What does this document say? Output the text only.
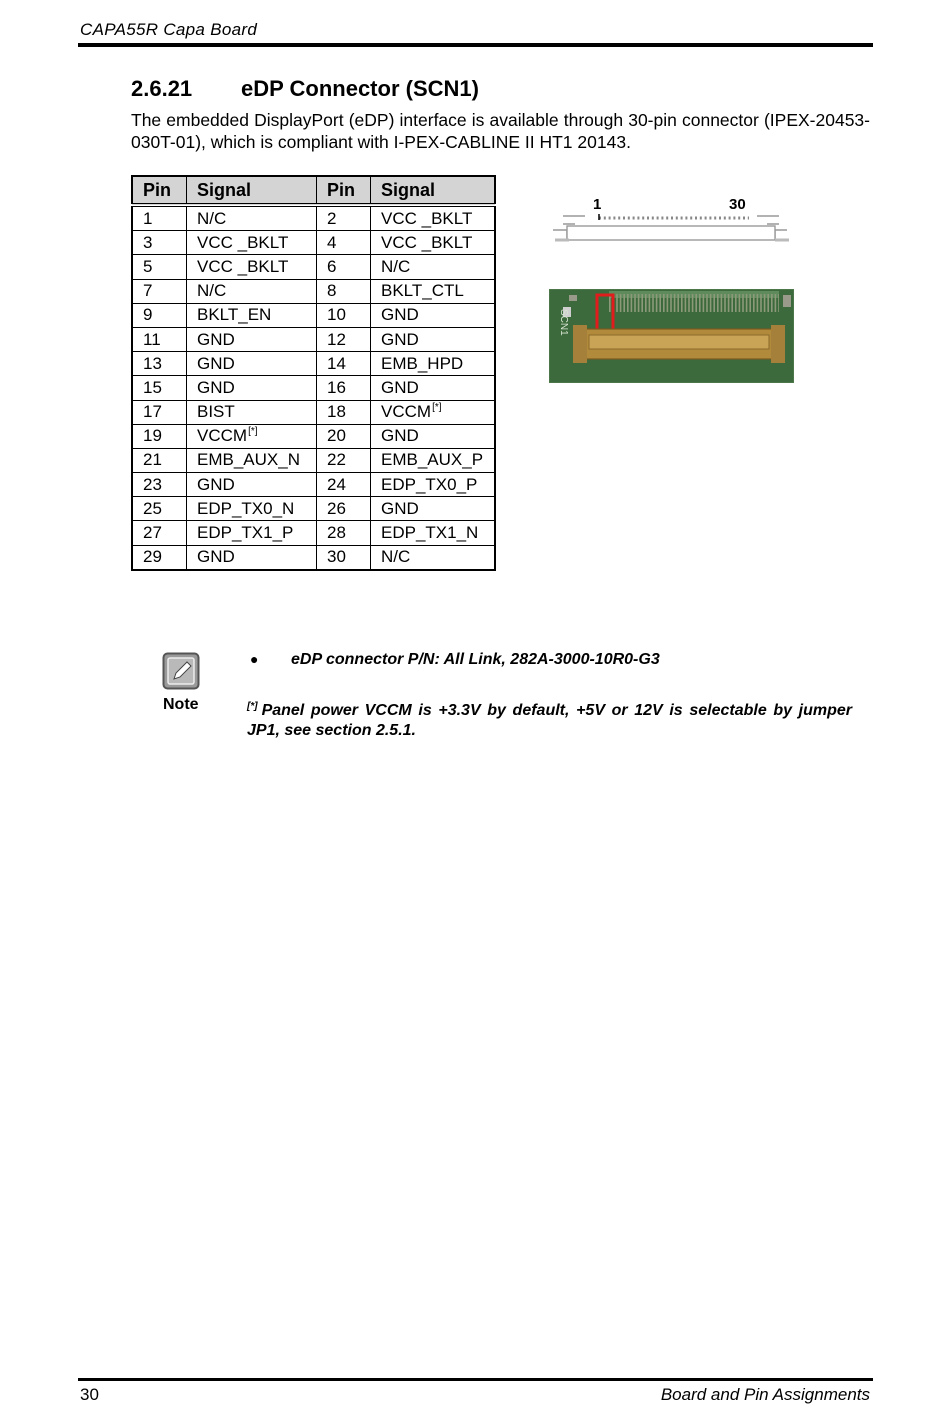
CAPA55R Capa Board
2.6.21 eDP Connector (SCN1)
The embedded DisplayPort (eDP) interface is available through 30-pin connector (IPEX-20453-030T-01), which is compliant with I-PEX-CABLINE II HT1 20143.
Pin	Signal	Pin	Signal
1	N/C	2	VCC _BKLT
3	VCC _BKLT	4	VCC _BKLT
5	VCC _BKLT	6	N/C
7	N/C	8	BKLT_CTL
9	BKLT_EN	10	GND
11	GND	12	GND
13	GND	14	EMB_HPD
15	GND	16	GND
17	BIST	18	VCCM[*]
19	VCCM[*]	20	GND
21	EMB_AUX_N	22	EMB_AUX_P
23	GND	24	EDP_TX0_P
25	EDP_TX0_N	26	GND
27	EDP_TX1_P	28	EDP_TX1_N
29	GND	30	N/C
1	30
SCN1
Note
● eDP connector P/N: All Link, 282A-3000-10R0-G3
[*] Panel power VCCM is +3.3V by default, +5V or 12V is selectable by jumper JP1, see section 2.5.1.
30	Board and Pin Assignments
